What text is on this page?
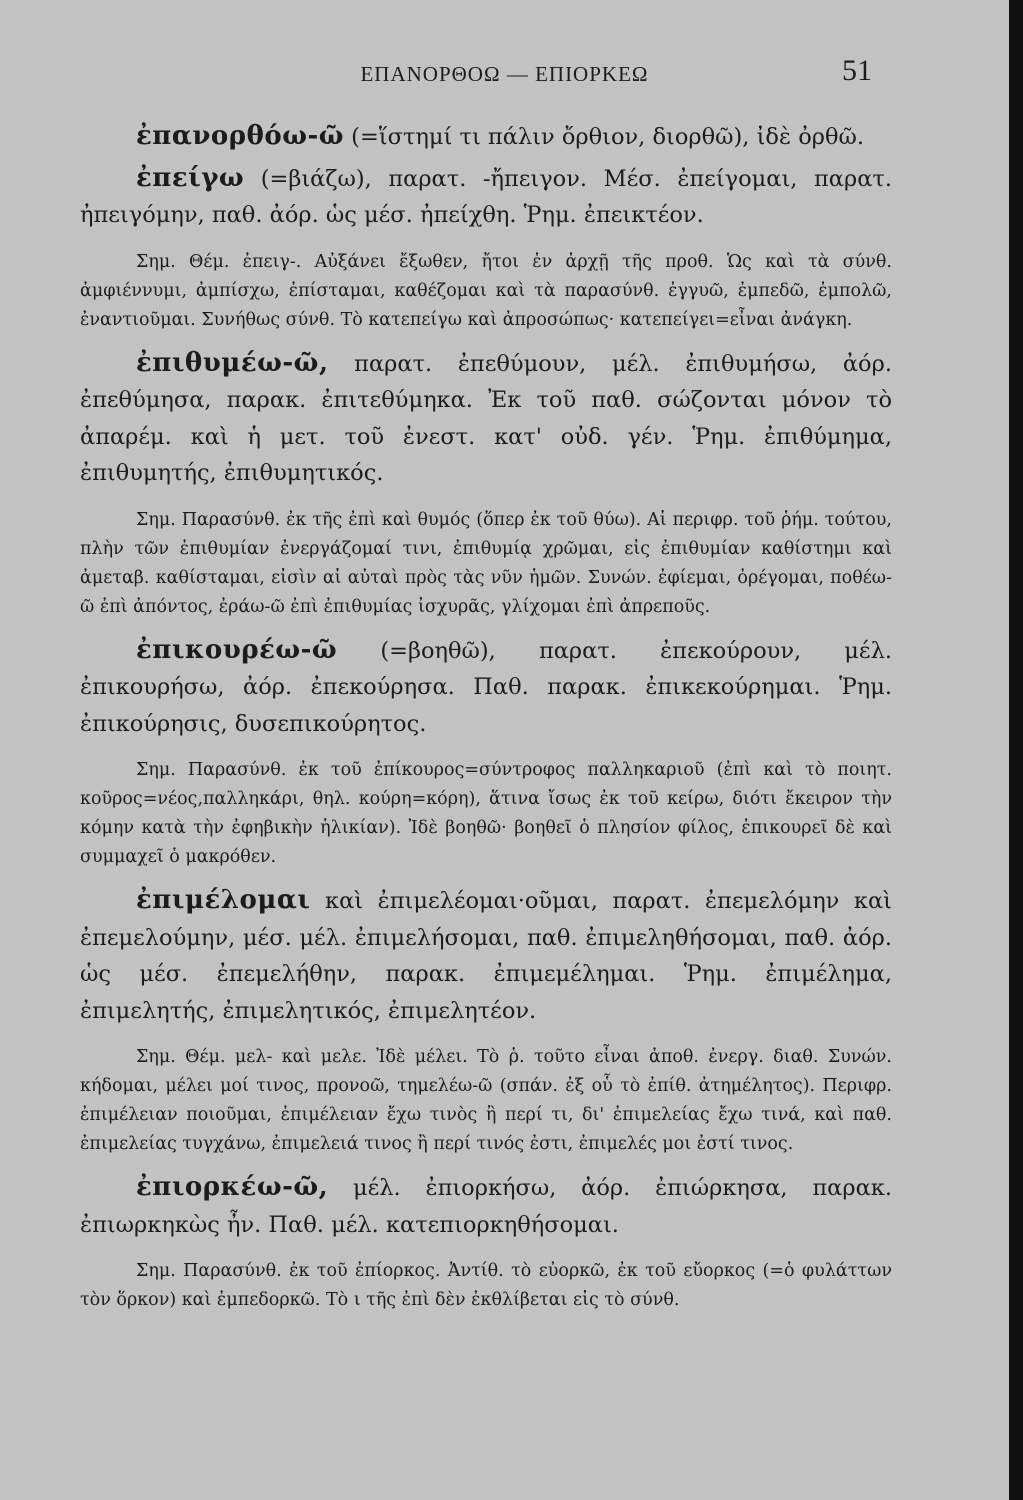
ΕΠΑΝΟΡΘΟΩ — ΕΠΙΟΡΚΕΩ	51

ἐπανορθόω-ῶ (=ἵστημί τι πάλιν ὄρθιον, διορθῶ), ἰδὲ ὀρθῶ.

ἐπείγω (=βιάζω), παρατ. -ἤπειγον. Μέσ. ἐπείγομαι, παρατ. ἠπειγόμην, παθ. ἀόρ. ὡς μέσ. ἠπείχθη. Ῥημ. ἐπεικτέον.

Σημ. Θέμ. ἐπειγ-. Αὐξάνει ἔξωθεν, ἤτοι ἐν ἀρχῇ τῆς προθ. Ὡς καὶ τὰ σύνθ. ἀμφιέννυμι, ἀμπίσχω, ἐπίσταμαι, καθέζομαι καὶ τὰ παρασύνθ. ἐγγυῶ, ἐμπεδῶ, ἐμπολῶ, ἐναντιοῦμαι. Συνήθως σύνθ. Τὸ κατεπείγω καὶ ἀπροσώπως· κατεπείγει=εἶναι ἀνάγκη.

ἐπιθυμέω-ῶ, παρατ. ἐπεθύμουν, μέλ. ἐπιθυμήσω, ἀόρ. ἐπεθύμησα, παρακ. ἐπιτεθύμηκα. Ἐκ τοῦ παθ. σώζονται μόνον τὸ ἀπαρέμ. καὶ ἡ μετ. τοῦ ἐνεστ. κατ' οὐδ. γέν. Ῥημ. ἐπιθύμημα, ἐπιθυμητής, ἐπιθυμητικός.

Σημ. Παρασύνθ. ἐκ τῆς ἐπὶ καὶ θυμός (ὅπερ ἐκ τοῦ θύω). Αἱ περιφρ. τοῦ ῥήμ. τούτου, πλὴν τῶν ἐπιθυμίαν ἐνεργάζομαί τινι, ἐπιθυμίᾳ χρῶμαι, εἰς ἐπιθυμίαν καθίστημι καὶ ἀμεταβ. καθίσταμαι, εἰσὶν αἱ αὐταὶ πρὸς τὰς νῦν ἡμῶν. Συνών. ἐφίεμαι, ὀρέγομαι, ποθέω-ῶ ἐπὶ ἀπόντος, ἐράω-ῶ ἐπὶ ἐπιθυμίας ἰσχυρᾶς, γλίχομαι ἐπὶ ἀπρεποῦς.

ἐπικουρέω-ῶ (=βοηθῶ), παρατ. ἐπεκούρουν, μέλ. ἐπικουρήσω, ἀόρ. ἐπεκούρησα. Παθ. παρακ. ἐπικεκούρημαι. Ῥημ. ἐπικούρησις, δυσεπικούρητος.

Σημ. Παρασύνθ. ἐκ τοῦ ἐπίκουρος=σύντροφος παλληκαριοῦ (ἐπὶ καὶ τὸ ποιητ. κοῦρος=νέος,παλληκάρι, θηλ. κούρη=κόρη), ἅτινα ἴσως ἐκ τοῦ κείρω, διότι ἔκειρον τὴν κόμην κατὰ τὴν ἐφηβικὴν ἡλικίαν). Ἰδὲ βοηθῶ· βοηθεῖ ὁ πλησίον φίλος, ἐπικουρεῖ δὲ καὶ συμμαχεῖ ὁ μακρόθεν.

ἐπιμέλομαι καὶ ἐπιμελέομαι·οῦμαι, παρατ. ἐπεμελόμην καὶ ἐπεμελούμην, μέσ. μέλ. ἐπιμελήσομαι, παθ. ἐπιμεληθήσομαι, παθ. ἀόρ. ὡς μέσ. ἐπεμελήθην, παρακ. ἐπιμεμέλημαι. Ῥημ. ἐπιμέλημα, ἐπιμελητής, ἐπιμελητικός, ἐπιμελητέον.

Σημ. Θέμ. μελ- καὶ μελε. Ἰδὲ μέλει. Τὸ ῥ. τοῦτο εἶναι ἀποθ. ἐνεργ. διαθ. Συνών. κήδομαι, μέλει μοί τινος, προνοῶ, τημελέω-ῶ (σπάν. ἐξ οὗ τὸ ἐπίθ. ἀτημέλητος). Περιφρ. ἐπιμέλειαν ποιοῦμαι, ἐπιμέλειαν ἔχω τινὸς ἢ περί τι, δι' ἐπιμελείας ἔχω τινά, καὶ παθ. ἐπιμελείας τυγχάνω, ἐπιμελειά τινος ἢ περί τινός ἐστι, ἐπιμελές μοι ἐστί τινος.

ἐπιορκέω-ῶ, μέλ. ἐπιορκήσω, ἀόρ. ἐπιώρκησα, παρακ. ἐπιωρκηκὼς ἦν. Παθ. μέλ. κατεπιορκηθήσομαι.

Σημ. Παρασύνθ. ἐκ τοῦ ἐπίορκος. Ἀντίθ. τὸ εὐορκῶ, ἐκ τοῦ εὔορκος (=ὁ φυλάττων τὸν ὅρκον) καὶ ἐμπεδορκῶ. Τὸ ι τῆς ἐπὶ δὲν ἐκθλίβεται εἰς τὸ σύνθ.
